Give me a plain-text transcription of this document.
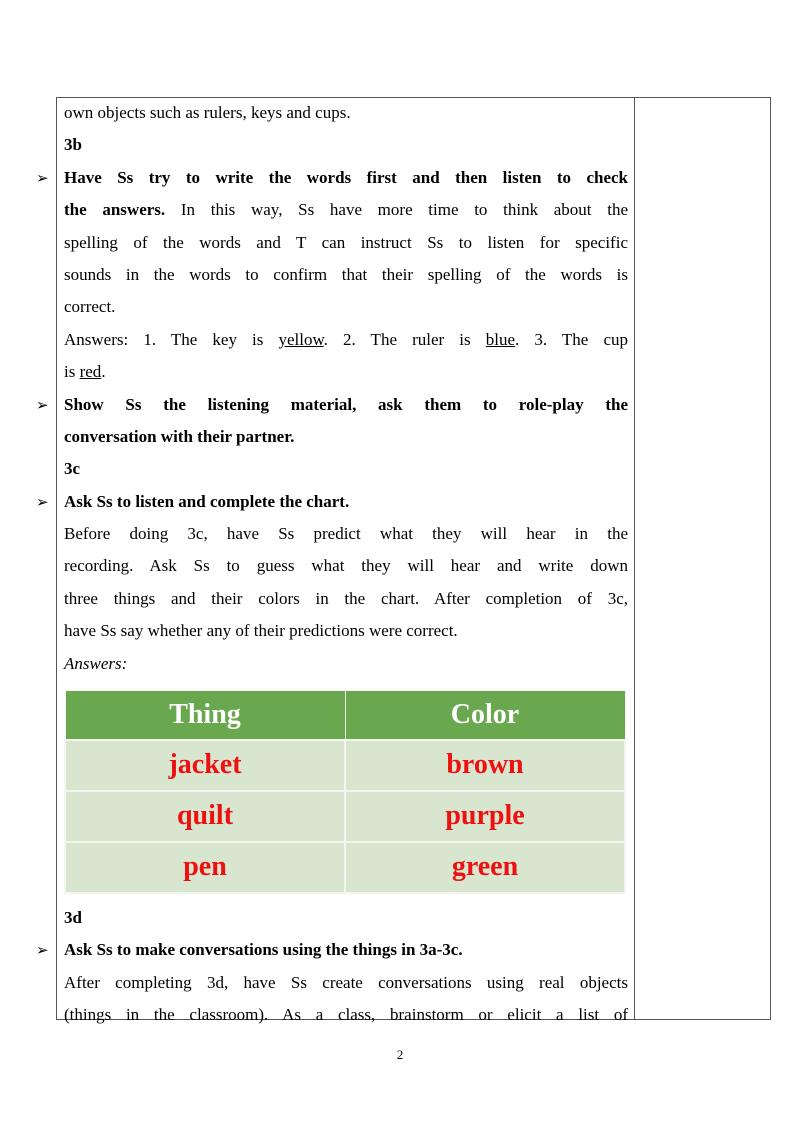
own objects such as rulers, keys and cups.
3b
➢ Have Ss try to write the words first and then listen to check
the answers. In this way, Ss have more time to think about the
spelling of the words and T can instruct Ss to listen for specific
sounds in the words to confirm that their spelling of the words is
correct.
Answers: 1. The key is yellow. 2. The ruler is blue. 3. The cup
is red.
➢ Show Ss the listening material, ask them to role-play the
conversation with their partner.
3c
➢ Ask Ss to listen and complete the chart.
Before doing 3c, have Ss predict what they will hear in the
recording. Ask Ss to guess what they will hear and write down
three things and their colors in the chart. After completion of 3c,
have Ss say whether any of their predictions were correct.
Answers:
Thing	Color
jacket	brown
quilt	purple
pen	green
3d
➢ Ask Ss to make conversations using the things in 3a-3c.
After completing 3d, have Ss create conversations using real objects
(things in the classroom). As a class, brainstorm or elicit a list of
2
